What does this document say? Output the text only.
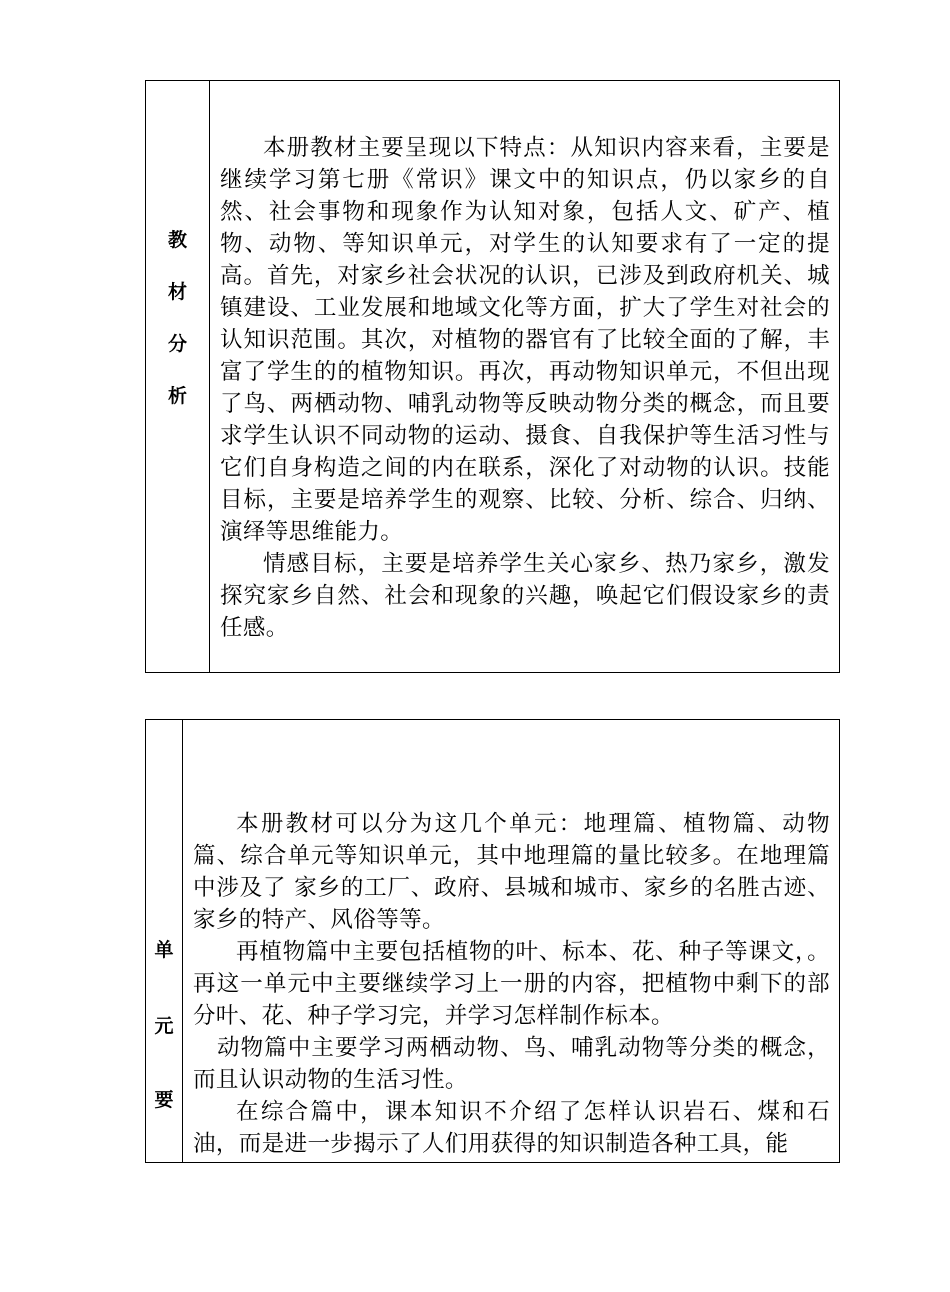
教
材
分
析

本册教材主要呈现以下特点：从知识内容来看，主要是继续学习第七册《常识》课文中的知识点，仍以家乡的自然、社会事物和现象作为认知对象，包括人文、矿产、植物、动物、等知识单元，对学生的认知要求有了一定的提高。首先，对家乡社会状况的认识，已涉及到政府机关、城镇建设、工业发展和地域文化等方面，扩大了学生对社会的认知识范围。其次，对植物的器官有了比较全面的了解，丰富了学生的的植物知识。再次，再动物知识单元，不但出现了鸟、两栖动物、哺乳动物等反映动物分类的概念，而且要求学生认识不同动物的运动、摄食、自我保护等生活习性与它们自身构造之间的内在联系，深化了对动物的认识。技能目标，主要是培养学生的观察、比较、分析、综合、归纳、演绎等思维能力。

情感目标，主要是培养学生关心家乡、热乃家乡，激发探究家乡自然、社会和现象的兴趣，唤起它们假设家乡的责任感。

单
元
要

本册教材可以分为这几个单元：地理篇、植物篇、动物篇、综合单元等知识单元，其中地理篇的量比较多。在地理篇中涉及了 家乡的工厂、政府、县城和城市、家乡的名胜古迹、家乡的特产、风俗等等。

再植物篇中主要包括植物的叶、标本、花、种子等课文，。再这一单元中主要继续学习上一册的内容，把植物中剩下的部分叶、花、种子学习完，并学习怎样制作标本。

动物篇中主要学习两栖动物、鸟、哺乳动物等分类的概念，而且认识动物的生活习性。

在综合篇中，课本知识不介绍了怎样认识岩石、煤和石油，而是进一步揭示了人们用获得的知识制造各种工具，能
